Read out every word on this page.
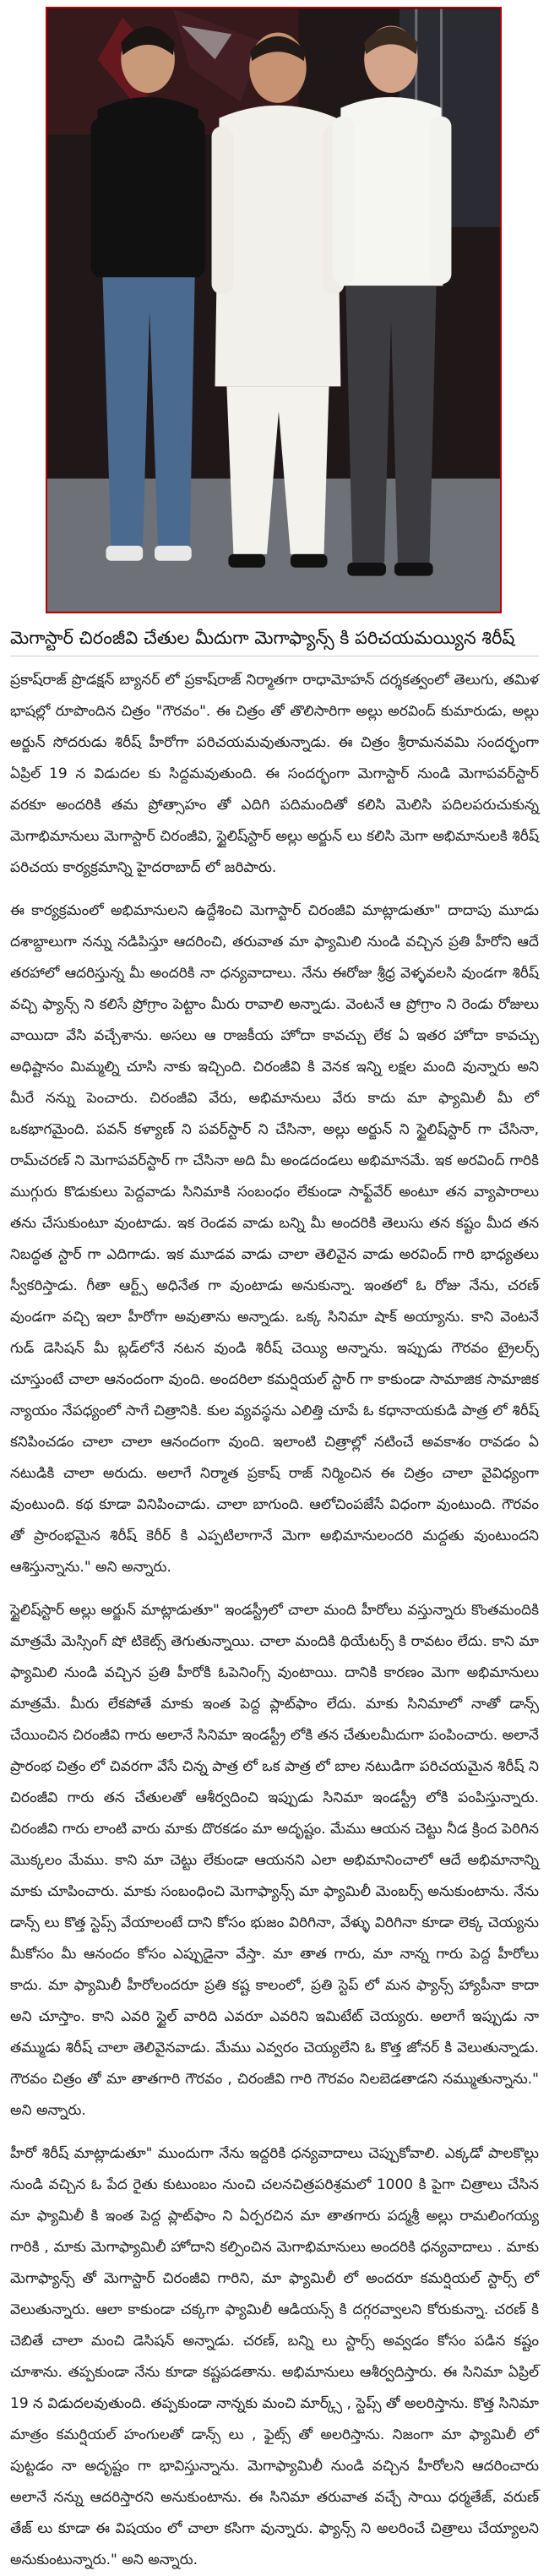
మెగాస్టార్ చిరంజీవి చేతుల మీదుగా మెగాఫ్యాన్స్ కి పరిచయమయ్యిన శిరీష్

ప్రకాష్‌రాజ్ ప్రొడక్షన్ బ్యానర్ లో ప్రకాష్‌రాజ్ నిర్మాతగా రాధామోహన్ దర్శకత్వంలో తెలుగు, తమిళ భాషల్లో రూపొందిన చిత్రం "గౌరవం". ఈ చిత్రం తో తొలిసారిగా అల్లు అరవింద్ కుమారుడు, అల్లు అర్జున్ సోదరుడు శిరీష్ హీరోగా పరిచయమవుతున్నాడు. ఈ చిత్రం శ్రీరామనవమి సందర్భంగా ఏప్రిల్ 19 న విడుదల కు సిద్దమవుతుంది. ఈ సందర్భంగా మెగాస్టార్ నుండి మెగాపవర్‌స్టార్ వరకూ అందరికి తమ ప్రోత్సాహం తో ఎదిగి పదిమందితో కలిసి మెలిసి పదిలపరుచుకున్న మెగాభిమానులు మెగాస్టార్ చిరంజీవి, స్టైలిష్‌స్టార్ అల్లు అర్జున్ లు కలిసి మెగా అభిమానులకి శిరీష్ పరిచయ కార్యక్రమాన్ని హైదరాబాద్ లో జరిపారు.

ఈ కార్యక్రమంలో అభిమానులని ఉద్దేశించి మెగాస్టార్ చిరంజీవి మాట్లాడుతూ" దాదాపు మూడు దశాబ్దాలుగా నన్ను నడిపిస్తూ ఆదరించి, తరువాత మా ఫ్యామిలి నుండి వచ్చిన ప్రతి హీరోని ఆదే తరహాలో ఆదరిస్తున్న మీ అందరికి నా ధన్యవాదాలు. నేను ఈరోజు శ్రీధ్ర వెళ్ళవలసి వుండగా శిరీష్ వచ్చి ఫ్యాన్స్ ని కలిసే ప్రోగ్రాం పెట్టాం మీరు రావాలి అన్నాడు. వెంటనే ఆ ప్రోగ్రాం ని రెండు రోజులు వాయిదా వేసి వచ్చేశాను. అసలు ఆ రాజకీయ హోదా కావచ్చు లేక ఏ ఇతర హోదా కావచ్చు అధిష్టానం మిమ్మల్ని చూసి నాకు ఇచ్చింది. చిరంజీవి కి వెనక ఇన్ని లక్షల మంది వున్నారు అని మీరే నన్ను పెంచారు. చిరంజీవి వేరు, అభిమానులు వేరు కాదు మా ఫ్యామిలీ మీ లో ఒకభాగమైంది. పవన్ కళ్యాణ్ ని పవర్‌స్టార్ ని చేసినా, అల్లు అర్జున్ ని స్టైలిష్‌స్టార్ గా చేసినా, రామ్‌చరణ్ ని మెగాపవర్‌స్టార్ గా చేసినా అది మీ అండదండలు అభిమానమే. ఇక అరవింద్ గారికి ముగ్గురు కొడుకులు పెద్దవాడు సినిమాకి సంబంధం లేకుండా సాఫ్ట్‌వేర్ అంటూ తన వ్యాపారాలు తను చేసుకుంటూ వుంటాడు. ఇక రెండవ వాడు బన్ని మీ అందరికి తెలుసు తన కష్టం మీద తన నిబద్ధత స్టార్ గా ఎదిగాడు. ఇక మూడవ వాడు చాలా తెలివైన వాడు అరవింద్ గారి భాధ్యతలు స్వీకరిస్తాడు. గీతా ఆర్ట్స్ అధినేత గా వుంటాడు అనుకున్నా. ఇంతలో ఓ రోజు నేను, చరణ్ వుండగా వచ్చి ఇలా హీరోగా అవుతాను అన్నాడు. ఒక్క సినిమా షాక్ అయ్యాను. కాని వెంటనే గుడ్ డెసిషన్ మీ బ్లడ్‌లోనే నటన వుండి శిరీష్ చెయ్యి అన్నాను. ఇప్పుడు గౌరవం ట్రైలర్స్ చూస్తుంటే చాలా ఆనందంగా వుంది. అందరిలా కమర్షియల్ స్టార్ గా కాకుండా సామాజిక సామాజిక న్యాయం నేపధ్యంలో సాగే చిత్రానికి. కుల వ్యవస్థను ఎలిత్తి చూపే ఓ కధానాయకుడి పాత్ర లో శిరీష్ కనిపించడం చాలా చాలా ఆనందంగా వుంది. ఇలాంటి చిత్రాల్లో నటించే అవకాశం రావడం ఏ నటుడికి చాలా అరుదు. అలాగే నిర్మాత ప్రకాష్ రాజ్ నిర్మించిన ఈ చిత్రం చాలా వైవిధ్యంగా వుంటుంది. కథ కూడా వినిపించాడు. చాలా బాగుంది. ఆలోచింపజేసే విధంగా వుంటుంది. గౌరవం తో ప్రారంభమైన శిరీష్ కెరీర్ కి ఎప్పటిలాగానే మెగా అభిమానులందరి మద్దతు వుంటుందని ఆశిస్తున్నాను." అని అన్నారు.

స్టైలిష్‌స్టార్ అల్లు అర్జున్ మాట్లాడుతూ" ఇండస్ట్రీలో చాలా మంది హీరోలు వస్తున్నారు కొంతమందికి మాత్రమే మెస్సింగ్ షో టికెట్స్ తెగుతున్నాయి. చాలా మందికి థియేటర్స్ కి రావటం లేదు. కాని మా ఫ్యామిలి నుండి వచ్చిన ప్రతి హీరోకి ఓపెనింగ్స్ వుంటాయి. దానికి కారణం మెగా అభిమానులు మాత్రమే. మీరు లేకపోతే మాకు ఇంత పెద్ద ప్లాట్‌ఫాం లేదు. మాకు సినిమాలో నాతో డాన్స్ చేయించిన చిరంజీవి గారు అలానే సినిమా ఇండస్ట్రీ లోకి తన చేతులమీదుగా పంపించారు. అలానే ప్రారంభ చిత్రం లో చివరగా వేసే చిన్న పాత్ర లో ఒక పాత్ర లో బాల నటుడిగా పరిచయమైన శిరీష్ ని చిరంజీవి గారు తన చేతులతో ఆశీర్వదించి ఇప్పుడు సినిమా ఇండస్ట్రీ లోకి పంపిస్తున్నారు. చిరంజీవి గారు లాంటి వారు మాకు దొరకడం మా అదృష్టం. మేము ఆయన చెట్టు నీడ క్రింద పెరిగిన మొక్కలం మేము. కాని మా చెట్టు లేకుండా ఆయనని ఎలా అభిమానించాలో ఆదే అభిమానాన్ని మాకు చూపించారు. మాకు సంబంధించి మెగాఫ్యాన్స్ మా ఫ్యామిలీ మెంబర్స్ అనుకుంటాను. నేను డాన్స్ లు కొత్త స్టెప్స్ వేయాలంటే దాని కోసం భుజం విరిగినా, వేళ్ళు విరిగినా కూడా లెక్క చెయ్యను మీకోసం మీ ఆనందం కోసం ఎప్పుడైనా వేస్తా. మా తాత గారు, మా నాన్న గారు పెద్ద హీరోలు కాదు. మా ఫ్యామిలీ హీరోలందరూ ప్రతి కష్ట కాలంలో, ప్రతి స్టెప్ లో మన ఫ్యాన్స్ హ్యాపీనా కాదా అని చూస్తాం. కాని ఎవరి స్టైల్ వారిది ఎవరూ ఎవరిని ఇమిటేట్ చెయ్యరు. అలాగే ఇప్పుడు నా తమ్ముడు శిరీష్ చాలా తెలివైనవాడు. మేము ఎవ్వరం చెయ్యలేని ఓ కొత్త జోనర్ కి వెలుతున్నాడు. గౌరవం చిత్రం తో మా తాతగారి గౌరవం , చిరంజీవి గారి గౌరవం నిలబెడతాడని నమ్ముతున్నాను." అని అన్నారు.

హీరో శిరీష్ మాట్లాడుతూ" ముందుగా నేను ఇద్దరికి ధన్యవాదాలు చెప్పుకోవాలి. ఎక్కడో పాలకొల్లు నుండి వచ్చిన ఓ పేద రైతు కుటుంబం నుంచి చలనచిత్రపరిశ్రమలో 1000 కి పైగా చిత్రాలు చేసిన మా ఫ్యామిలీ కి ఇంత పెద్ద ప్లాట్‌ఫాం ని ఏర్పరచిన మా తాతగారు పద్మశ్రీ అల్లు రామలింగయ్య గారికి , మాకు మెగాఫ్యామిలీ హోదాని కల్పించిన మెగాభిమానులు అందరికి ధన్యవాదాలు . మాకు మెగాఫ్యాన్స్ తో మెగాస్టార్ చిరంజీవి గారిని, మా ఫ్యామిలీ లో అందరూ కమర్షియల్ స్టార్స్ లో వెలుతున్నారు. ఆలా కాకుండా చక్కగా ఫ్యామిలీ ఆడియన్స్ కి దగ్గరవ్వాలని కోరుకున్నా. చరణ్ కి చెబితే చాలా మంచి డెసిషన్ అన్నాడు. చరణ్, బన్ని లు స్టార్స్ అవ్వడం కోసం పడిన కష్టం చూశాను. తప్పకుండా నేను కూడా కష్టపడతాను. అభిమానులు ఆశీర్వదిస్తారు. ఈ సినిమా ఏప్రిల్ 19 న విడుదలవుతుంది. తప్పకుండా నాన్నకు మంచి మార్క్స్ , స్టెప్స్ తో అలరిస్తాను. కొత్త సినిమా మాత్రం కమర్షియల్ హంగులతో డాన్స్ లు , ఫైట్స్ తో అలరిస్తాను. నిజంగా మా ఫ్యామిలీ లో పుట్టడం నా అదృష్టం గా భావిస్తున్నాను. మెగాఫ్యామిలీ నుండి వచ్చిన హీరోలని ఆదరించారు అలానే నన్ను ఆదరిస్తారని అనుకుంటాను. ఈ సినిమా తరువాత వచ్చే సాయి ధర్మతేజ్, వరుణ్ తేజ్ లు కూడా ఈ విషయం లో చాలా కసిగా వున్నారు. ఫ్యాన్స్ ని అలరించే చిత్రాలు చేయ్యాలని అనుకుంటున్నారు." అని అన్నారు.
